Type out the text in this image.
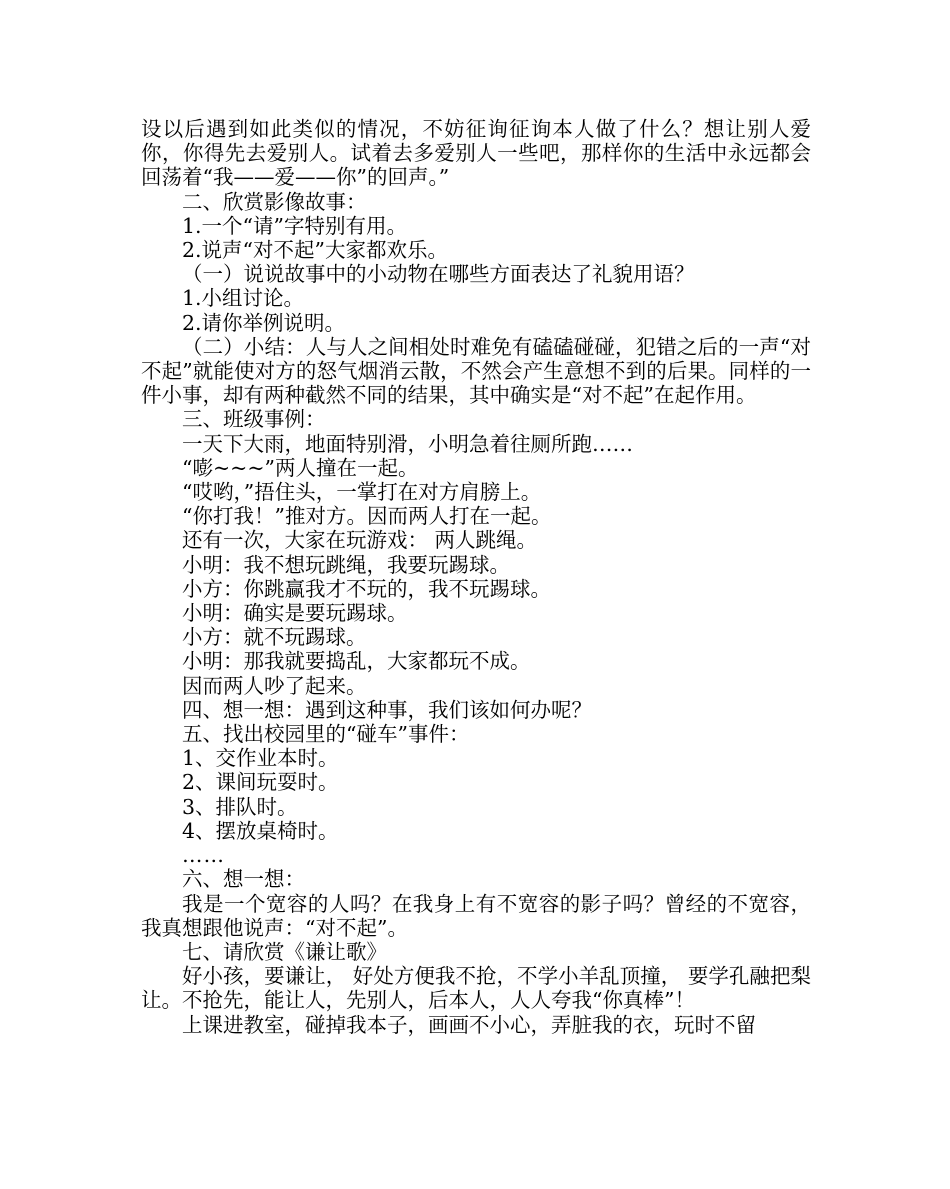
设以后遇到如此类似的情况，不妨征询征询本人做了什么？想让别人爱你，你得先去爱别人。试着去多爱别人一些吧，那样你的生活中永远都会回荡着“我——爱——你”的回声。”

二、欣赏影像故事：

1.一个“请”字特别有用。

2.说声“对不起”大家都欢乐。

（一）说说故事中的小动物在哪些方面表达了礼貌用语？

1.小组讨论。

2.请你举例说明。

（二）小结：人与人之间相处时难免有磕磕碰碰，犯错之后的一声“对不起”就能使对方的怒气烟消云散，不然会产生意想不到的后果。同样的一件小事，却有两种截然不同的结果，其中确实是“对不起”在起作用。

三、班级事例：

一天下大雨，地面特别滑，小明急着往厕所跑……

“嘭~~~”两人撞在一起。

“哎哟，”捂住头，一掌打在对方肩膀上。

“你打我！”推对方。因而两人打在一起。

还有一次，大家在玩游戏： 两人跳绳。

小明：我不想玩跳绳，我要玩踢球。

小方：你跳赢我才不玩的，我不玩踢球。

小明：确实是要玩踢球。

小方：就不玩踢球。

小明：那我就要捣乱，大家都玩不成。

因而两人吵了起来。

四、想一想：遇到这种事，我们该如何办呢？

五、找出校园里的“碰车”事件：

1、交作业本时。

2、课间玩耍时。

3、排队时。

4、摆放桌椅时。

……

六、想一想：

我是一个宽容的人吗？在我身上有不宽容的影子吗？曾经的不宽容，我真想跟他说声：“对不起”。

七、请欣赏《谦让歌》

好小孩，要谦让， 好处方便我不抢，不学小羊乱顶撞， 要学孔融把梨让。不抢先，能让人，先别人，后本人，人人夸我“你真棒”！

上课进教室，碰掉我本子，画画不小心，弄脏我的衣，玩时不留
